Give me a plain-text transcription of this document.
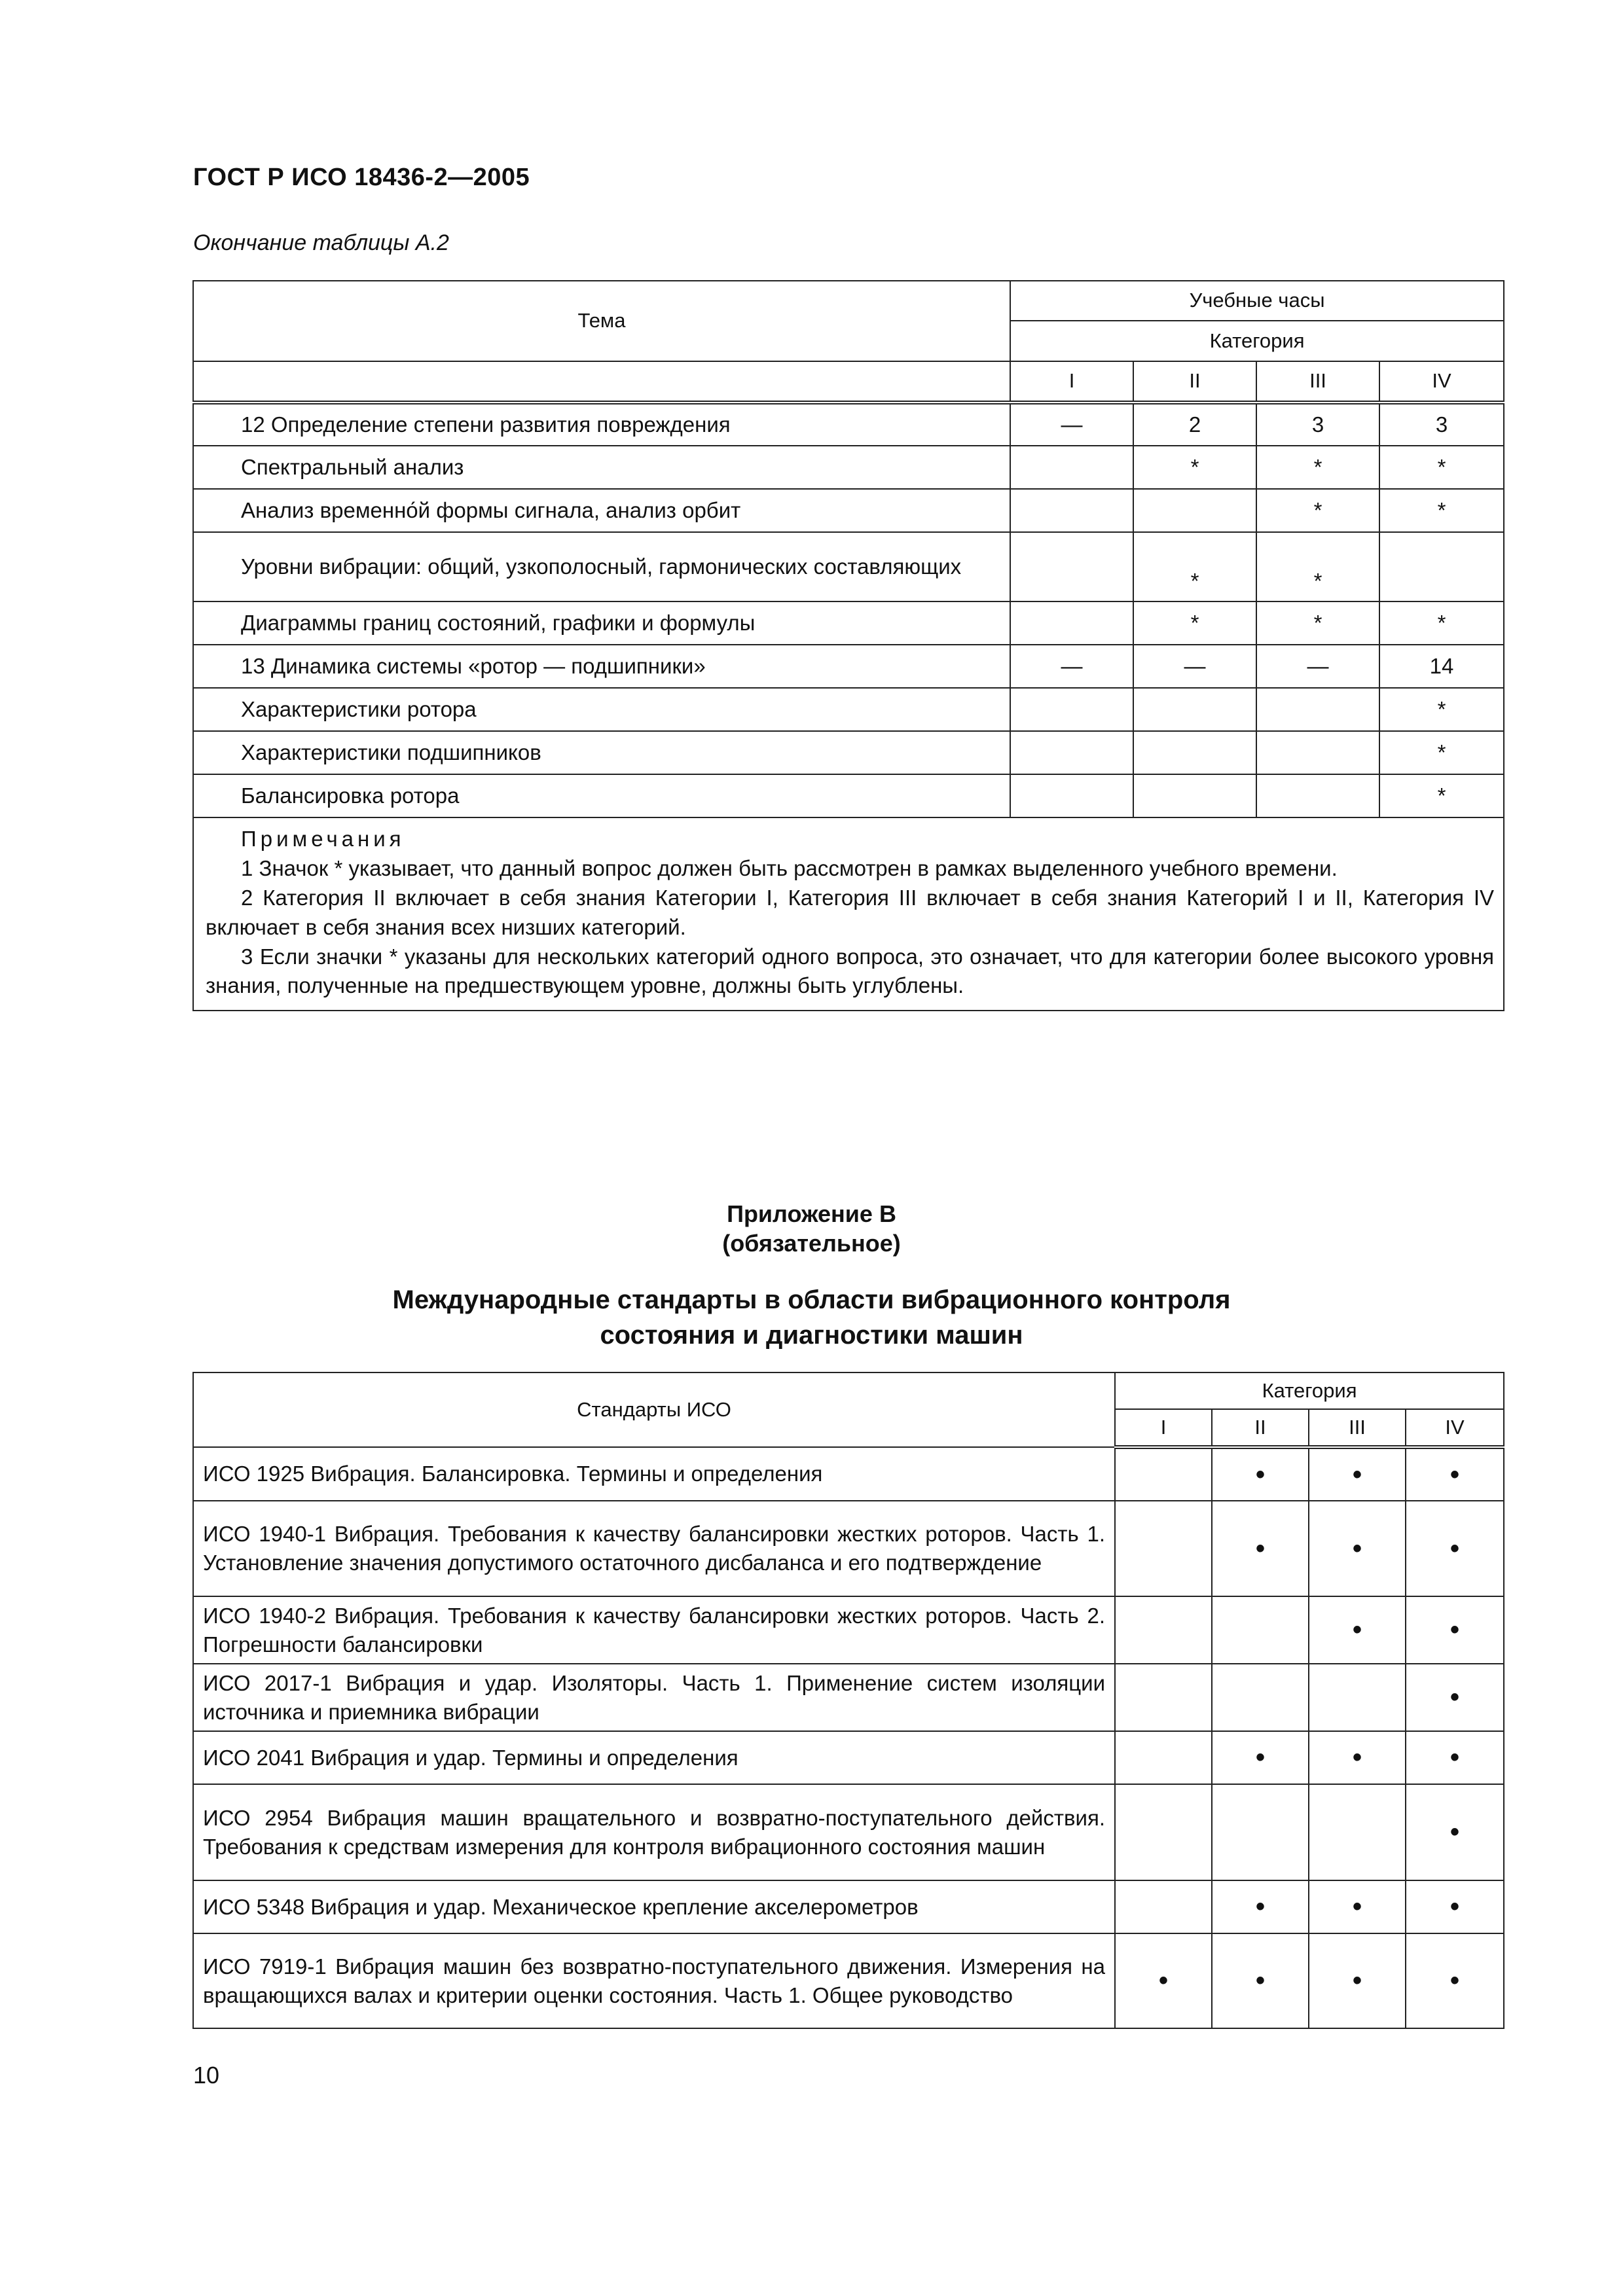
ГОСТ Р ИСО 18436-2—2005
Окончание таблицы А.2
Тема	Учебные часы			
	Категория			
	I	II	III	IV
12 Определение степени развития повреждения	—	2	3	3
Спектральный анализ		*	*	*
Анализ временно́й формы сигнала, анализ орбит			*	*
Уровни вибрации: общий, узкополосный, гармонических составляющих		*	*	
Диаграммы границ состояний, графики и формулы		*	*	*
13 Динамика системы «ротор — подшипники»	—	—	—	14
Характеристики ротора				*
Характеристики подшипников				*
Балансировка ротора				*

Примечания
1 Значок * указывает, что данный вопрос должен быть рассмотрен в рамках выделенного учебного времени.
2 Категория II включает в себя знания Категории I, Категория III включает в себя знания Категорий I и II, Категория IV включает в себя знания всех низших категорий.
3 Если значки * указаны для нескольких категорий одного вопроса, это означает, что для категории более высокого уровня знания, полученные на предшествующем уровне, должны быть углублены.				
Приложение В
(обязательное)
Международные стандарты в области вибрационного контроля
состояния и диагностики машин
Стандарты ИСО	Категория			
	I	II	III	IV
ИСО 1925 Вибрация. Балансировка. Термины и определения		•	•	•
ИСО 1940-1 Вибрация. Требования к качеству балансировки жестких роторов. Часть 1. Установление значения допустимого остаточного дисбаланса и его подтверждение		•	•	•
ИСО 1940-2 Вибрация. Требования к качеству балансировки жестких роторов. Часть 2. Погрешности балансировки			•	•
ИСО 2017-1 Вибрация и удар. Изоляторы. Часть 1. Применение систем изоляции источника и приемника вибрации				•
ИСО 2041 Вибрация и удар. Термины и определения		•	•	•
ИСО 2954 Вибрация машин вращательного и возвратно-поступательного действия. Требования к средствам измерения для контроля вибрационного состояния машин				•
ИСО 5348 Вибрация и удар. Механическое крепление акселерометров		•	•	•
ИСО 7919-1 Вибрация машин без возвратно-поступательного движения. Измерения на вращающихся валах и критерии оценки состояния. Часть 1. Общее руководство	•	•	•	•
10
